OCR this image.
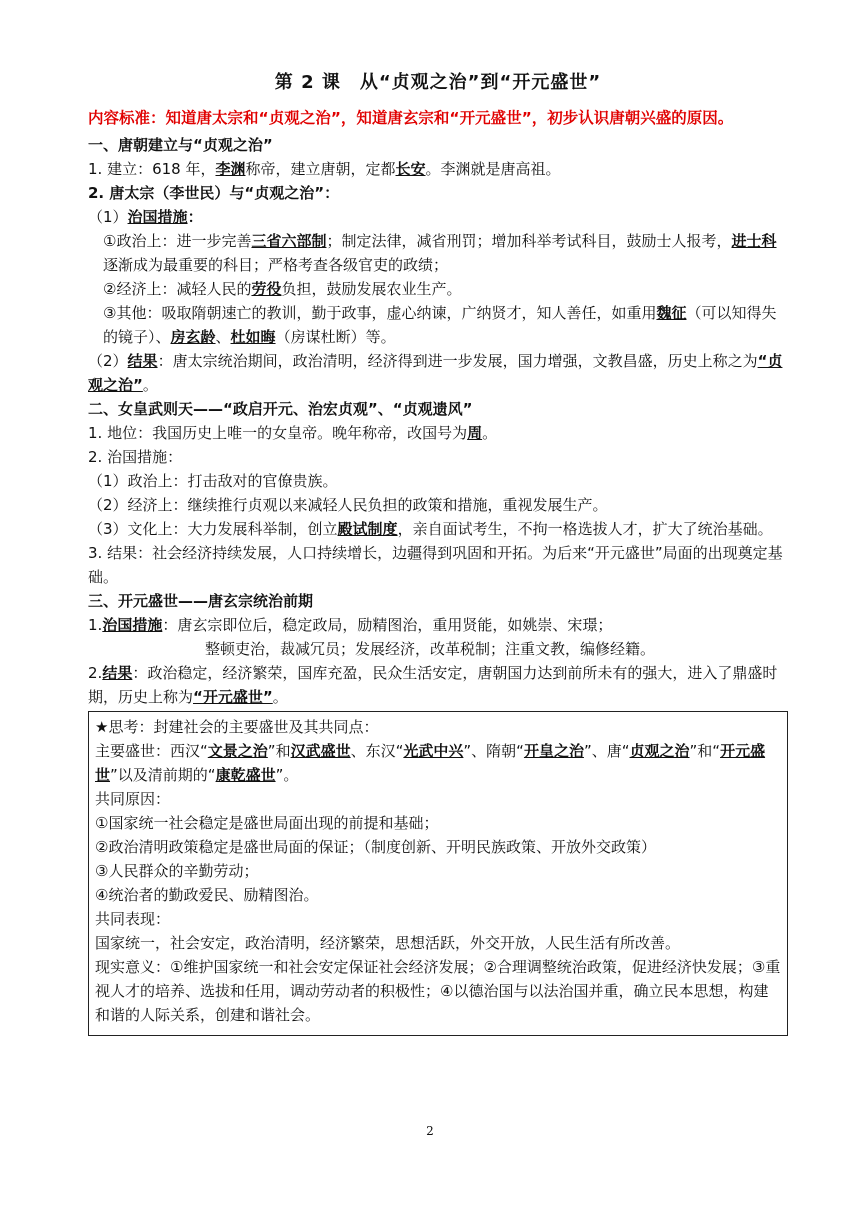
第 2 课　从“贞观之治”到“开元盛世”
内容标准：知道唐太宗和“贞观之治”，知道唐玄宗和“开元盛世”，初步认识唐朝兴盛的原因。

一、唐朝建立与“贞观之治”

1. 建立：618 年，李渊称帝，建立唐朝，定都长安。李渊就是唐高祖。

2. 唐太宗（李世民）与“贞观之治”：

（1）治国措施：

①政治上：进一步完善三省六部制；制定法律，减省刑罚；增加科举考试科目，鼓励士人报考，进士科逐渐成为最重要的科目；严格考查各级官吏的政绩；

②经济上：减轻人民的劳役负担，鼓励发展农业生产。

③其他：吸取隋朝速亡的教训，勤于政事，虚心纳谏，广纳贤才，知人善任，如重用魏征（可以知得失的镜子）、房玄龄、杜如晦（房谋杜断）等。

（2）结果：唐太宗统治期间，政治清明，经济得到进一步发展，国力增强，文教昌盛，历史上称之为“贞观之治”。

二、女皇武则天——“政启开元、治宏贞观”、“贞观遗风”

1. 地位：我国历史上唯一的女皇帝。晚年称帝，改国号为周。

2. 治国措施：

（1）政治上：打击敌对的官僚贵族。

（2）经济上：继续推行贞观以来减轻人民负担的政策和措施，重视发展生产。

（3）文化上：大力发展科举制，创立殿试制度，亲自面试考生，不拘一格选拔人才，扩大了统治基础。

3. 结果：社会经济持续发展，人口持续增长，边疆得到巩固和开拓。为后来“开元盛世”局面的出现奠定基础。

三、开元盛世——唐玄宗统治前期

1.治国措施：唐玄宗即位后，稳定政局，励精图治，重用贤能，如姚崇、宋璟；

整顿吏治，裁减冗员；发展经济，改革税制；注重文教，编修经籍。

2.结果：政治稳定，经济繁荣，国库充盈，民众生活安定，唐朝国力达到前所未有的强大，进入了鼎盛时期，历史上称为“开元盛世”。

★思考：封建社会的主要盛世及其共同点：

主要盛世：西汉“文景之治”和汉武盛世、东汉“光武中兴”、隋朝“开皇之治”、唐“贞观之治”和“开元盛世”以及清前期的“康乾盛世”。

共同原因：

①国家统一社会稳定是盛世局面出现的前提和基础；

②政治清明政策稳定是盛世局面的保证；（制度创新、开明民族政策、开放外交政策）

③人民群众的辛勤劳动；

④统治者的勤政爱民、励精图治。

共同表现：

国家统一，社会安定，政治清明，经济繁荣，思想活跃，外交开放，人民生活有所改善。

现实意义：①维护国家统一和社会安定保证社会经济发展；②合理调整统治政策，促进经济快发展；③重视人才的培养、选拔和任用，调动劳动者的积极性；④以德治国与以法治国并重，确立民本思想，构建和谐的人际关系，创建和谐社会。

2
